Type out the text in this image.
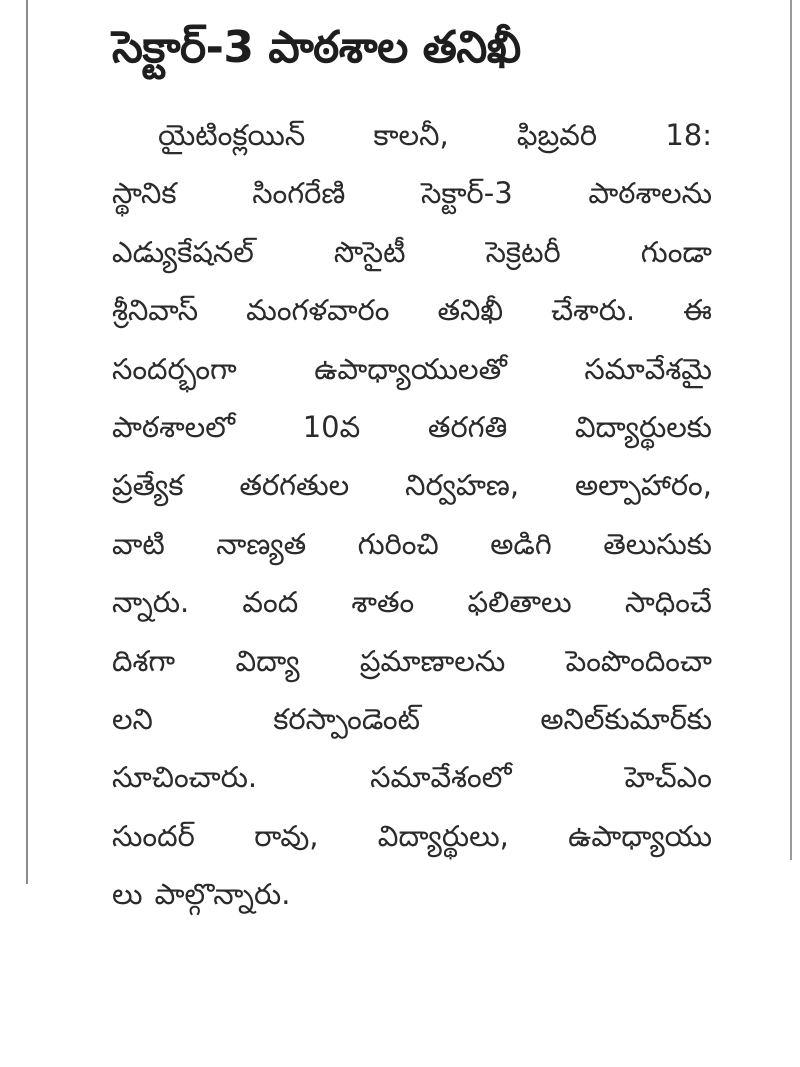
సెక్టార్-3 పాఠశాల తనిఖీ
యైటింక్లయిన్ కాలనీ, ఫిబ్రవరి 18:
స్థానిక	సింగరేణి	సెక్టార్-3	పాఠశాలను
ఎడ్యుకేషనల్	సొసైటీ	సెక్రెటరీ	గుండా
శ్రీనివాస్ మంగళవారం తనిఖీ చేశారు. ఈ
సందర్భంగా	ఉపాధ్యాయులతో	సమావేశమై
పాఠశాలలో 10వ తరగతి విద్యార్థులకు
ప్రత్యేక తరగతుల నిర్వహణ, అల్పాహారం,
వాటి నాణ్యత గురించి అడిగి తెలుసుకు
న్నారు. వంద శాతం ఫలితాలు సాధించే
దిశగా విద్యా ప్రమాణాలను పెంపొందించా
లని	కరస్పాండెంట్	అనిల్‌కుమార్‌కు
సూచించారు.	సమావేశంలో	హెచ్ఎం
సుందర్ రావు, విద్యార్థులు, ఉపాధ్యాయు
లు పాల్గొన్నారు.
